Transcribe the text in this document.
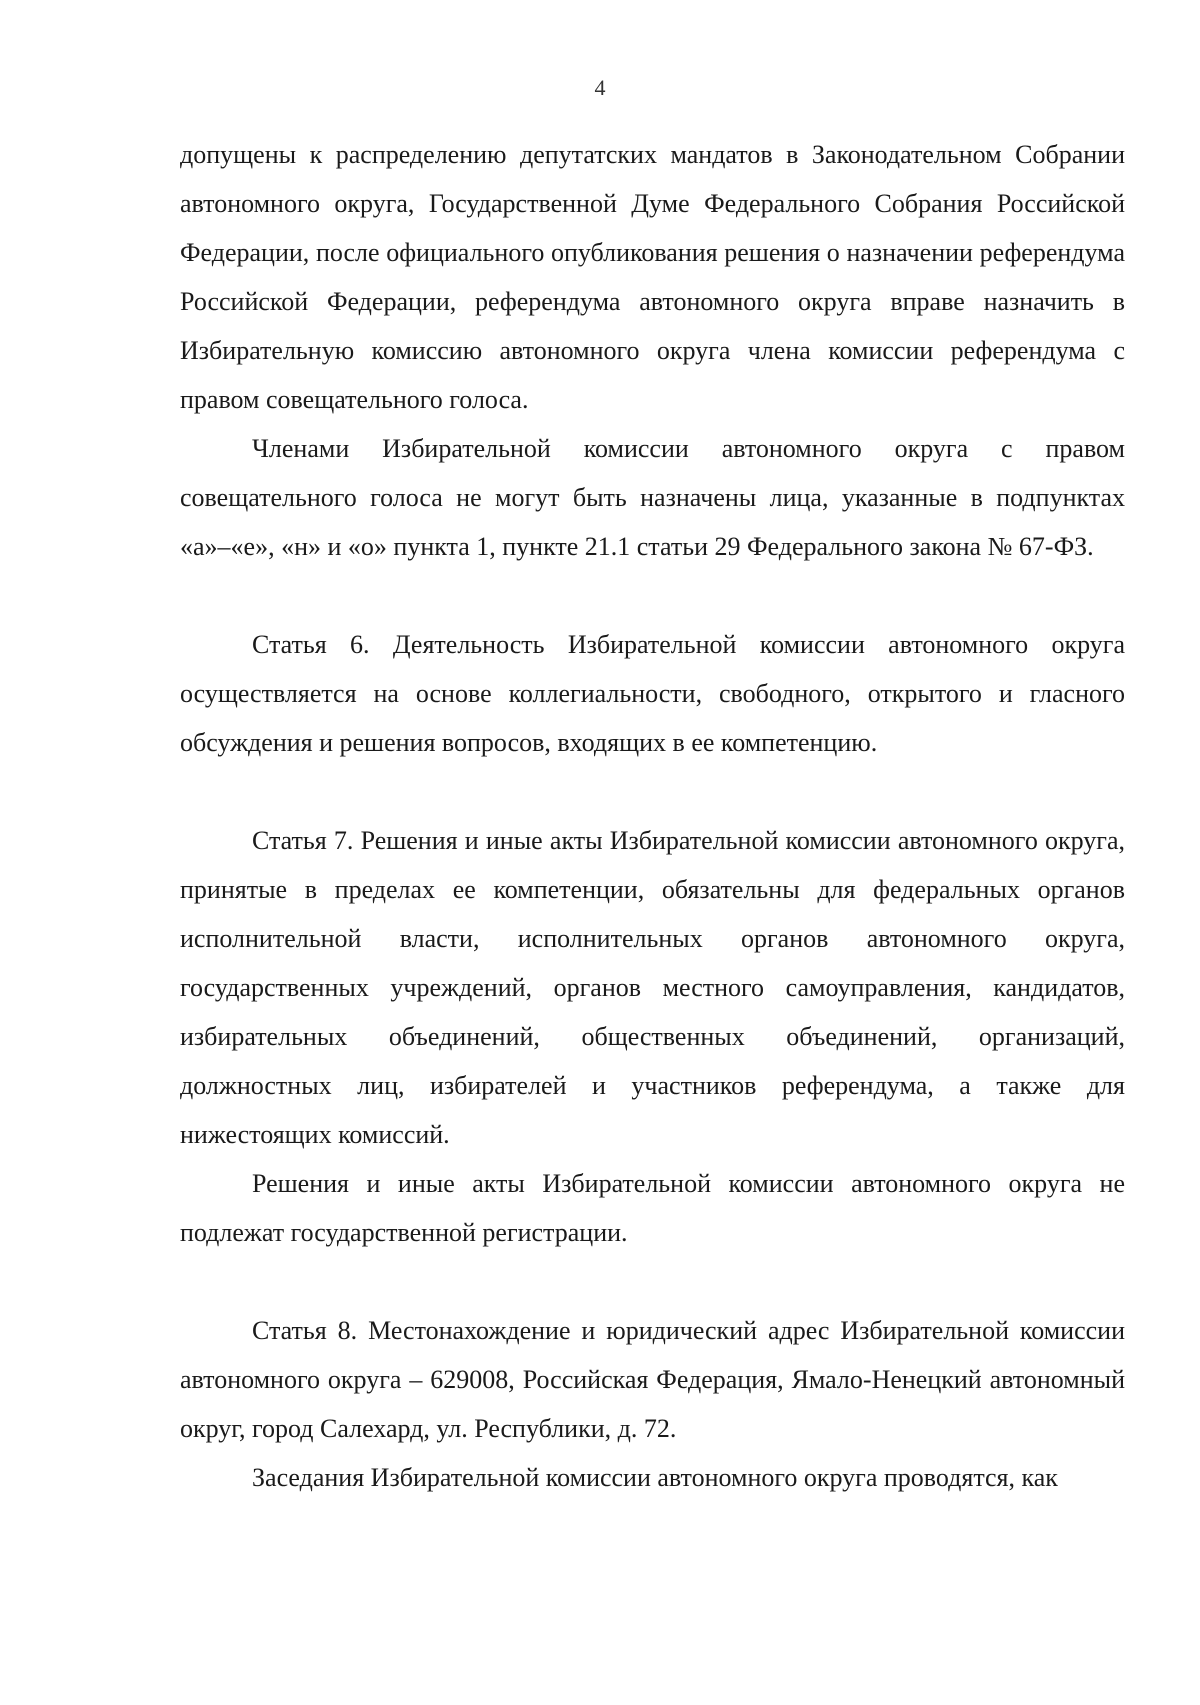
4

допущены к распределению депутатских мандатов в Законодательном Собрании автономного округа, Государственной Думе Федерального Собрания Российской Федерации, после официального опубликования решения о назначении референдума Российской Федерации, референдума автономного округа вправе назначить в Избирательную комиссию автономного округа члена комиссии референдума с правом совещательного голоса.

Членами Избирательной комиссии автономного округа с правом совещательного голоса не могут быть назначены лица, указанные в подпунктах «а»–«е», «н» и «о» пункта 1, пункте 21.1 статьи 29 Федерального закона № 67-ФЗ.

Статья 6. Деятельность Избирательной комиссии автономного округа осуществляется на основе коллегиальности, свободного, открытого и гласного обсуждения и решения вопросов, входящих в ее компетенцию.

Статья 7. Решения и иные акты Избирательной комиссии автономного округа, принятые в пределах ее компетенции, обязательны для федеральных органов исполнительной власти, исполнительных органов автономного округа, государственных учреждений, органов местного самоуправления, кандидатов, избирательных объединений, общественных объединений, организаций, должностных лиц, избирателей и участников референдума, а также для нижестоящих комиссий.

Решения и иные акты Избирательной комиссии автономного округа не подлежат государственной регистрации.

Статья 8. Местонахождение и юридический адрес Избирательной комиссии автономного округа – 629008, Российская Федерация, Ямало-Ненецкий автономный округ, город Салехард, ул. Республики, д. 72.

Заседания Избирательной комиссии автономного округа проводятся, как
